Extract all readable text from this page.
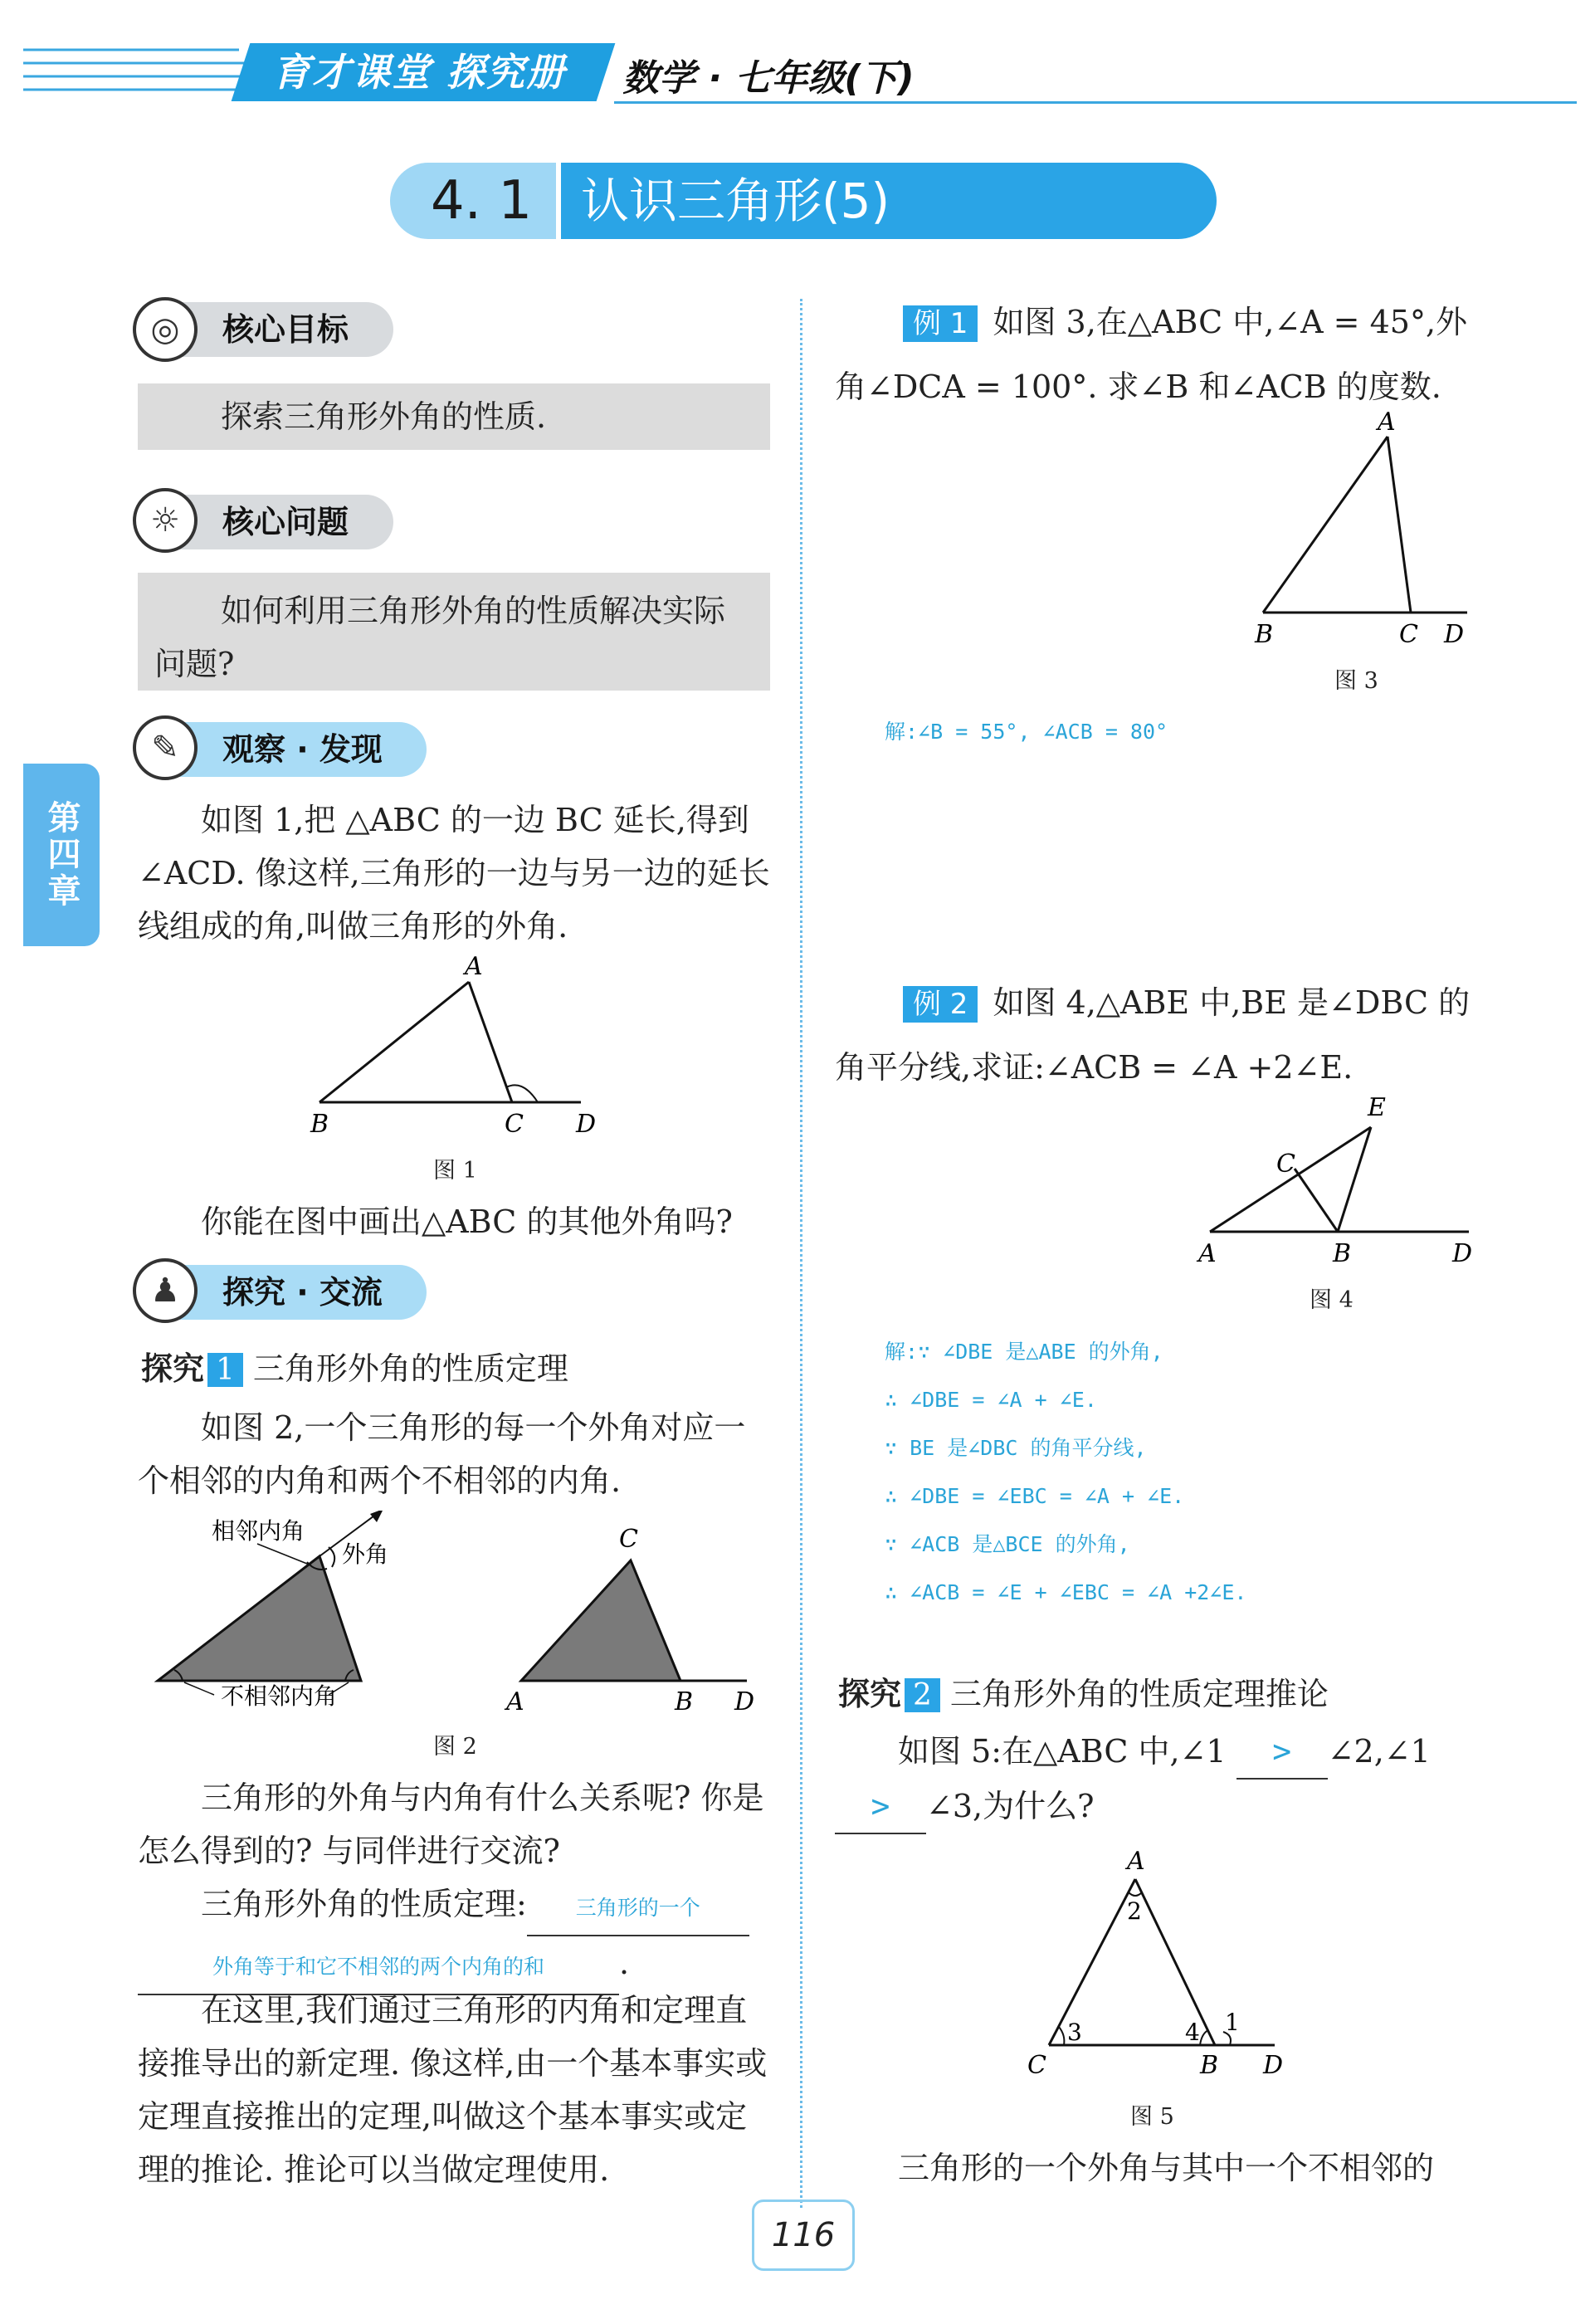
育才课堂 探究册	数学 · 七年级(下)
4. 1	认识三角形(5)
第四章
核心目标
◎
探索三角形外角的性质.
核心问题
☼
如何利用三角形外角的性质解决实际问题?
观察 · 发现
✎

如图 1,把 △ABC 的一边 BC 延长,得到∠ACD. 像这样,三角形的一边与另一边的延长线组成的角,叫做三角形的外角.

A
B	C D
图 1

你能在图中画出△ABC 的其他外角吗?

探究 · 交流
♟
探究 1 三角形外角的性质定理

如图 2,一个三角形的每一个外角对应一个相邻的内角和两个不相邻的内角.

相邻内角
外角
不相邻内角
C
A	B D
图 2

三角形的外角与内角有什么关系呢? 你是怎么得到的? 与同伴进行交流?

三角形外角的性质定理: 三角形的一个
外角等于和它不相邻的两个内角的和 .

在这里,我们通过三角形的内角和定理直接推导出的新定理. 像这样,由一个基本事实或定理直接推出的定理,叫做这个基本事实或定理的推论. 推论可以当做定理使用.

例 1 如图 3,在△ABC 中,∠A = 45°,外角∠DCA = 100°. 求∠B 和∠ACB 的度数.
A
B	C D
图 3
解:∠B = 55°, ∠ACB = 80°
例 2 如图 4,△ABE 中,BE 是∠DBC 的角平分线,求证:∠ACB = ∠A +2∠E.
E
C
A	B	D
图 4
解:∵ ∠DBE 是△ABE 的外角,
∴ ∠DBE = ∠A + ∠E.
∵ BE 是∠DBC 的角平分线,
∴ ∠DBE = ∠EBC = ∠A + ∠E.
∵ ∠ACB 是△BCE 的外角,
∴ ∠ACB = ∠E + ∠EBC = ∠A +2∠E.
探究 2 三角形外角的性质定理推论
如图 5:在△ABC 中,∠1 > ∠2,∠1
> ∠3,为什么?
A
2
3	4 1
C	B D
图 5

三角形的一个外角与其中一个不相邻的

116
